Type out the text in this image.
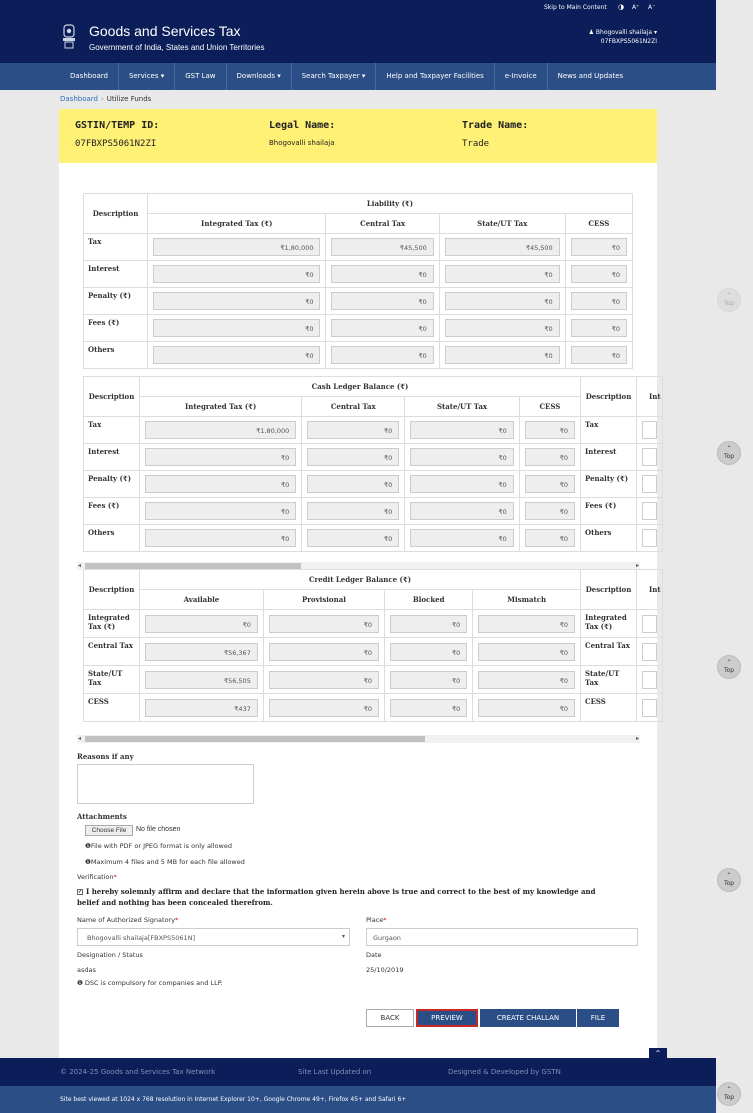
Skip to Main Content ◑ A⁺ A⁻
Goods and Services Tax
Government of India, States and Union Territories
♟ Bhogovalli shailaja ▾
07FBXPS5061N2ZI
Dashboard	Services ▾	GST Law	Downloads ▾	Search Taxpayer ▾	Help and Taxpayer Facilities	e-Invoice	News and Updates
Dashboard › Utilize Funds
GSTIN/TEMP ID:
07FBXPS5061N2ZI
Legal Name:
Bhogovalli shailaja
Trade Name:
Trade
Description	Liability (₹)			
	Integrated Tax (₹)	Central Tax	State/UT Tax	CESS
Tax	₹1,80,000	₹45,500	₹45,500	₹0

Interest	₹0	₹0	₹0	₹0

Penalty (₹)	₹0	₹0	₹0	₹0

Fees (₹)	₹0	₹0	₹0	₹0

Others	₹0	₹0	₹0	₹0
Description	Cash Ledger Balance (₹)				Description	Int
	Integrated Tax (₹)	Central Tax	State/UT Tax	CESS		
Tax	₹1,80,000	₹0	₹0	₹0	Tax	

Interest	₹0	₹0	₹0	₹0	Interest	

Penalty (₹)	₹0	₹0	₹0	₹0	Penalty (₹)	

Fees (₹)	₹0	₹0	₹0	₹0	Fees (₹)	

Others	₹0	₹0	₹0	₹0	Others	
◂	▸
Description	Credit Ledger Balance (₹)				Description	Int
	Available	Provisional	Blocked	Mismatch		
Integrated Tax (₹)	₹0	₹0	₹0	₹0	Integrated Tax (₹)	

Central Tax	₹56,367	₹0	₹0	₹0	Central Tax	

State/UT Tax	₹56,505	₹0	₹0	₹0	State/UT Tax	

CESS	₹437	₹0	₹0	₹0	CESS	
◂	▸
Reasons if any
Attachments
Choose File	No file chosen
❶File with PDF or JPEG format is only allowed
❶Maximum 4 files and 5 MB for each file allowed
Verification*
✓ I hereby solemnly affirm and declare that the information given herein above is true and correct to the best of my knowledge and belief and nothing has been concealed therefrom.
Name of Authorized Signatory*
Bhogovalli shailaja[FBXPS5061N]	▾
Place*
Gurgaon
Designation / Status
asdas
Date
25/10/2019
❶ DSC is compulsory for companies and LLP.
BACK	PREVIEW	CREATE CHALLAN	FILE
⌃
© 2024-25 Goods and Services Tax Network	Site Last Updated on	Designed & Developed by GSTN
Site best viewed at 1024 x 768 resolution in Internet Explorer 10+, Google Chrome 49+, Firefox 45+ and Safari 6+
⌃
Top
⌃
Top
⌃
Top
⌃
Top
⌃
Top
